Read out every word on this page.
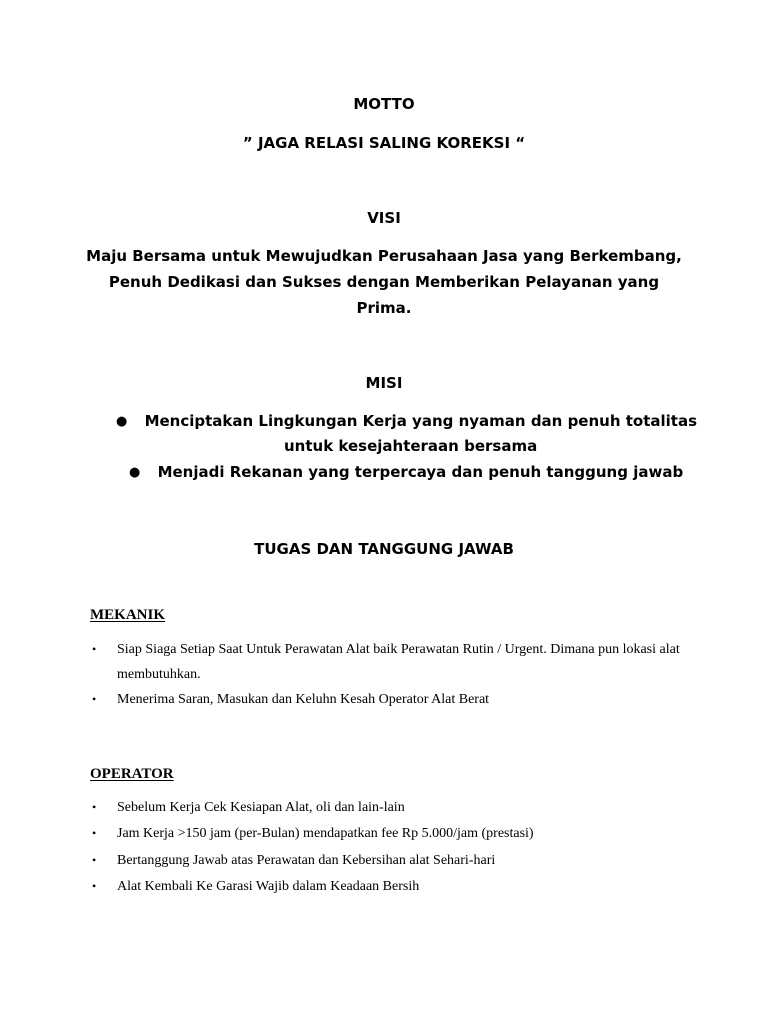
MOTTO
” JAGA RELASI SALING KOREKSI “
VISI
Maju Bersama untuk Mewujudkan Perusahaan Jasa yang Berkembang,
Penuh Dedikasi dan Sukses dengan Memberikan Pelayanan yang
Prima.
MISI
● Menciptakan Lingkungan Kerja yang nyaman dan penuh totalitas
untuk kesejahteraan bersama
● Menjadi Rekanan yang terpercaya dan penuh tanggung jawab
TUGAS DAN TANGGUNG JAWAB
MEKANIK
•	Siap Siaga Setiap Saat Untuk Perawatan Alat baik Perawatan Rutin / Urgent. Dimana pun lokasi alat membutuhkan.
•	Menerima Saran, Masukan dan Keluhn Kesah Operator Alat Berat
OPERATOR
•	Sebelum Kerja Cek Kesiapan Alat, oli dan lain-lain
•	Jam Kerja >150 jam (per-Bulan) mendapatkan fee Rp 5.000/jam (prestasi)
•	Bertanggung Jawab atas Perawatan dan Kebersihan alat Sehari-hari
•	Alat Kembali Ke Garasi Wajib dalam Keadaan Bersih
